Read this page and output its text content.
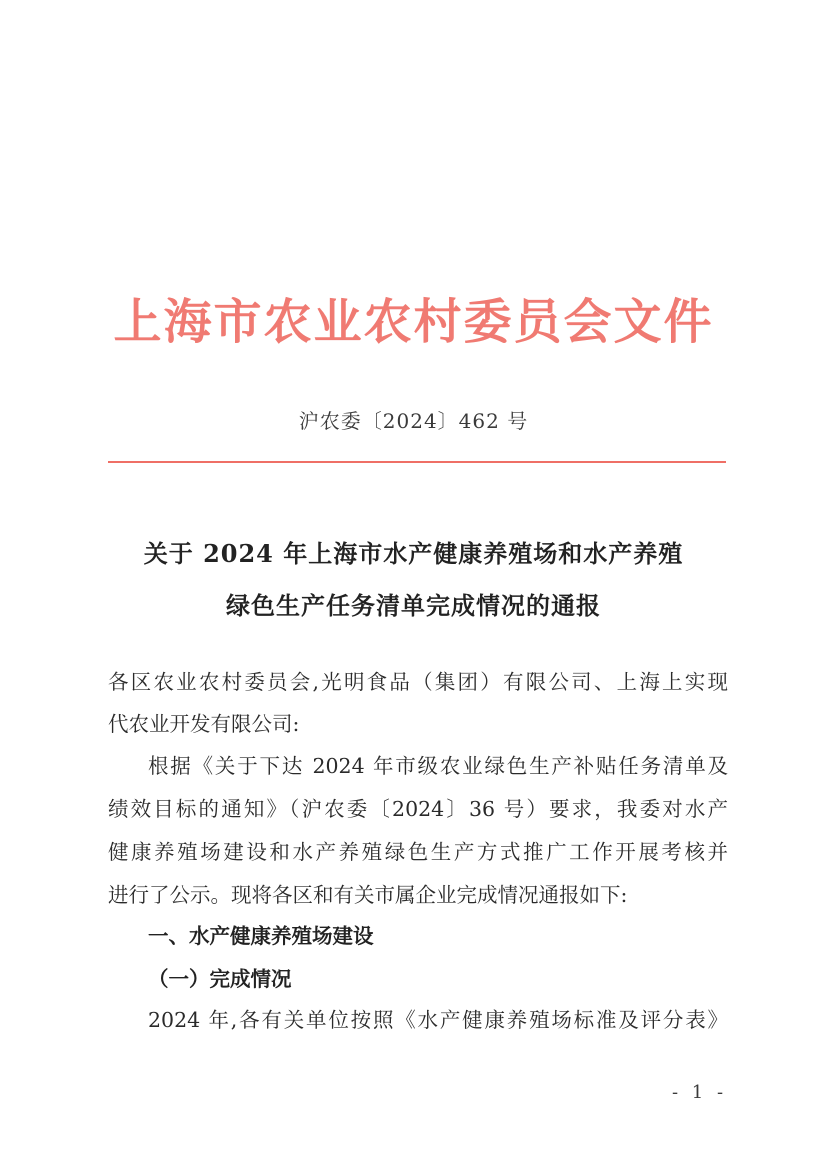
上海市农业农村委员会文件
沪农委〔2024〕462 号
关于 2024 年上海市水产健康养殖场和水产养殖
绿色生产任务清单完成情况的通报
各区农业农村委员会,光明食品（集团）有限公司、上海上实现
代农业开发有限公司:
根据《关于下达 2024 年市级农业绿色生产补贴任务清单及
绩效目标的通知》（沪农委〔2024〕36 号）要求，我委对水产
健康养殖场建设和水产养殖绿色生产方式推广工作开展考核并
进行了公示。现将各区和有关市属企业完成情况通报如下:
一、水产健康养殖场建设
（一）完成情况
2024 年,各有关单位按照《水产健康养殖场标准及评分表》
- 1 -
